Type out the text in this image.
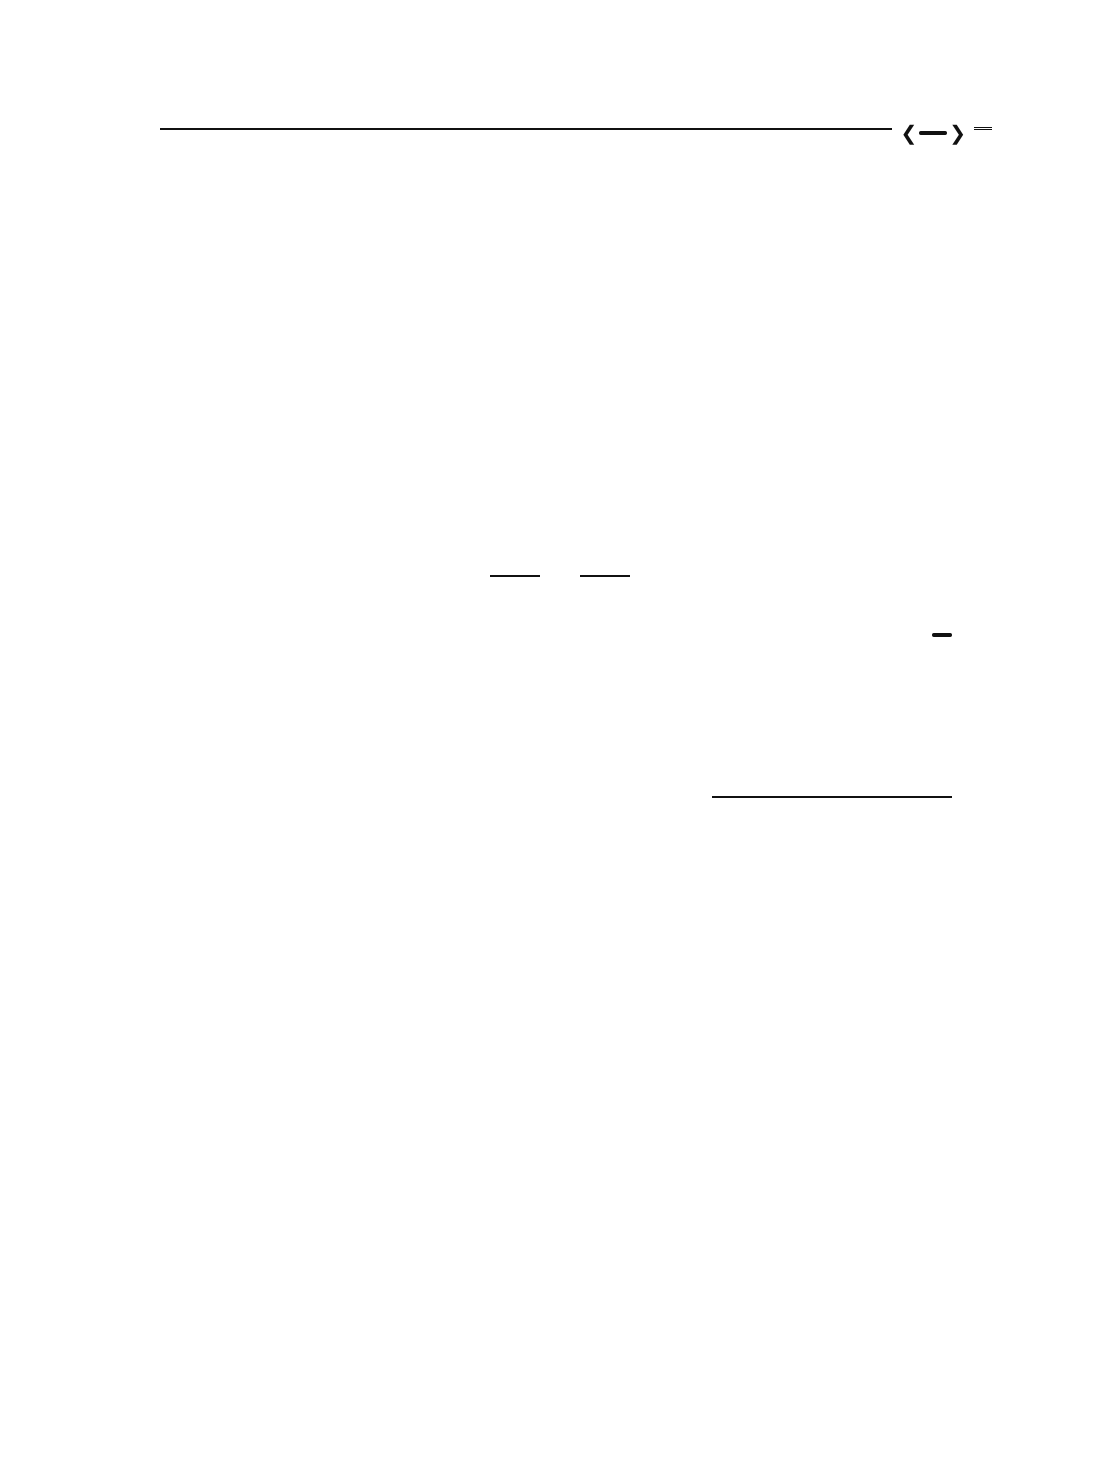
❮
❯
